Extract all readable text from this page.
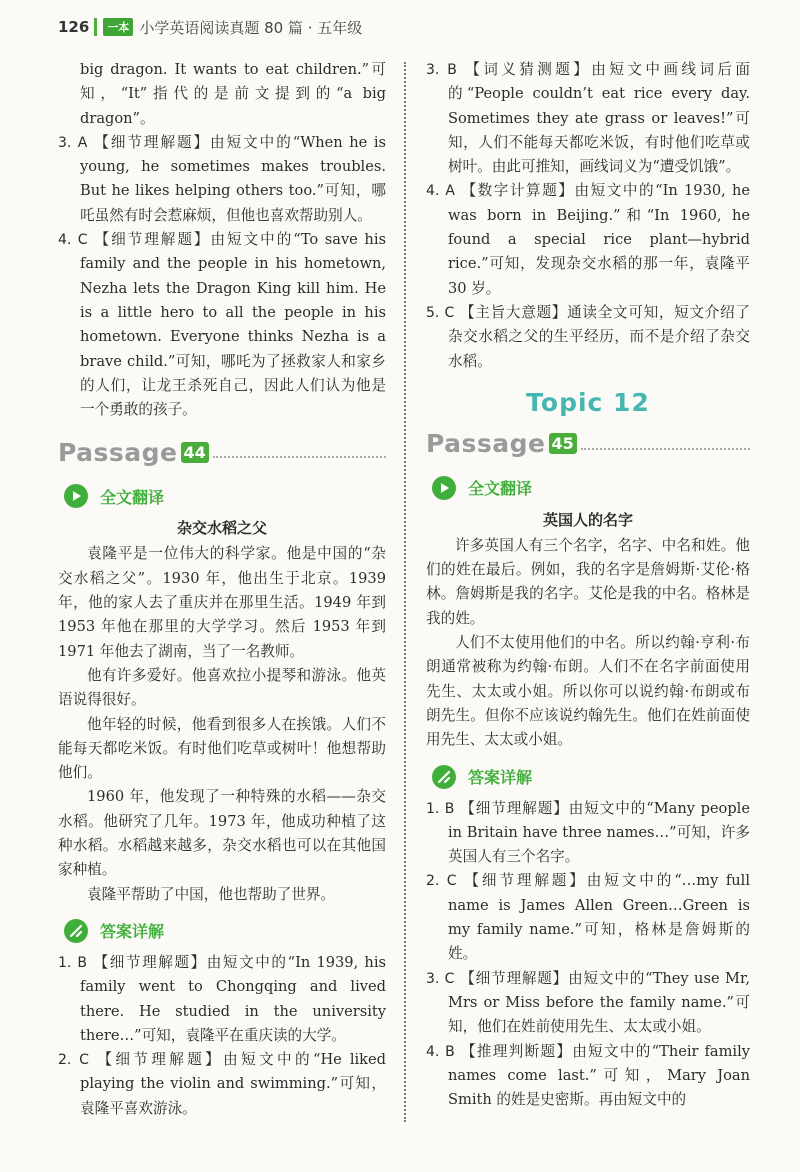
126	一本 小学英语阅读真题 80 篇 · 五年级

big dragon. It wants to eat children.”可知，“It”指代的是前文提到的“a big dragon”。

3. A 【细节理解题】由短文中的“When he is young, he sometimes makes troubles. But he likes helping others too.”可知，哪吒虽然有时会惹麻烦，但他也喜欢帮助别人。

4. C 【细节理解题】由短文中的“To save his family and the people in his hometown, Nezha lets the Dragon King kill him. He is a little hero to all the people in his hometown. Everyone thinks Nezha is a brave child.”可知，哪吒为了拯救家人和家乡的人们，让龙王杀死自己，因此人们认为他是一个勇敢的孩子。

Passage 44
全文翻译

杂交水稻之父

袁隆平是一位伟大的科学家。他是中国的“杂交水稻之父”。1930 年，他出生于北京。1939 年，他的家人去了重庆并在那里生活。1949 年到 1953 年他在那里的大学学习。然后 1953 年到 1971 年他去了湖南，当了一名教师。

他有许多爱好。他喜欢拉小提琴和游泳。他英语说得很好。

他年轻的时候，他看到很多人在挨饿。人们不能每天都吃米饭。有时他们吃草或树叶！他想帮助他们。

1960 年，他发现了一种特殊的水稻——杂交水稻。他研究了几年。1973 年，他成功种植了这种水稻。水稻越来越多，杂交水稻也可以在其他国家种植。

袁隆平帮助了中国，他也帮助了世界。

答案详解

1. B 【细节理解题】由短文中的“In 1939, his family went to Chongqing and lived there. He studied in the university there…”可知，袁隆平在重庆读的大学。

2. C 【细节理解题】由短文中的“He liked playing the violin and swimming.”可知，袁隆平喜欢游泳。

3. B 【词义猜测题】由短文中画线词后面的“People couldn’t eat rice every day. Sometimes they ate grass or leaves!”可知，人们不能每天都吃米饭，有时他们吃草或树叶。由此可推知，画线词义为“遭受饥饿”。

4. A 【数字计算题】由短文中的“In 1930, he was born in Beijing.”和“In 1960, he found a special rice plant—hybrid rice.”可知，发现杂交水稻的那一年，袁隆平 30 岁。

5. C 【主旨大意题】通读全文可知，短文介绍了杂交水稻之父的生平经历，而不是介绍了杂交水稻。

Topic 12

Passage 45
全文翻译

英国人的名字

许多英国人有三个名字，名字、中名和姓。他们的姓在最后。例如，我的名字是詹姆斯·艾伦·格林。詹姆斯是我的名字。艾伦是我的中名。格林是我的姓。

人们不太使用他们的中名。所以约翰·亨利·布朗通常被称为约翰·布朗。人们不在名字前面使用先生、太太或小姐。所以你可以说约翰·布朗或布朗先生。但你不应该说约翰先生。他们在姓前面使用先生、太太或小姐。

答案详解

1. B 【细节理解题】由短文中的“Many people in Britain have three names…”可知，许多英国人有三个名字。

2. C 【细节理解题】由短文中的“…my full name is James Allen Green…Green is my family name.”可知，格林是詹姆斯的姓。

3. C 【细节理解题】由短文中的“They use Mr, Mrs or Miss before the family name.”可知，他们在姓前使用先生、太太或小姐。

4. B 【推理判断题】由短文中的“Their family names come last.”可知，Mary Joan Smith 的姓是史密斯。再由短文中的
